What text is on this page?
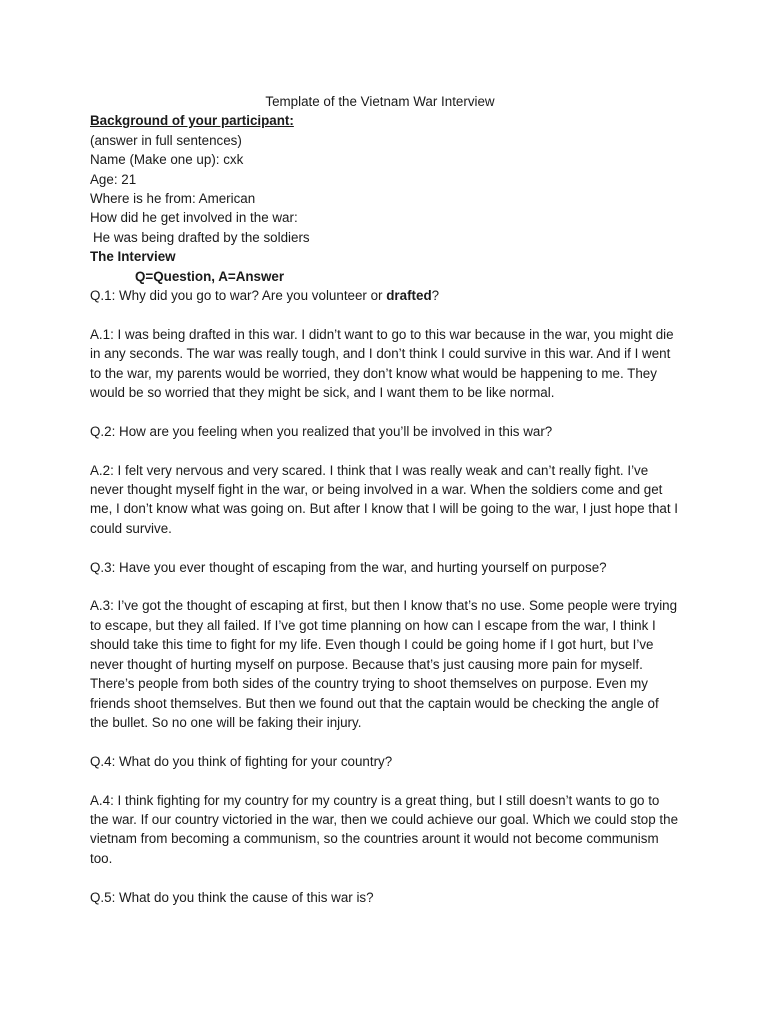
Template of the Vietnam War Interview

Background of your participant:

(answer in full sentences)

Name (Make one up): cxk

Age: 21

Where is he from: American

How did he get involved in the war:

He was being drafted by the soldiers

The Interview

Q=Question, A=Answer

Q.1: Why did you go to war? Are you volunteer or drafted?

A.1: I was being drafted in this war. I didn’t want to go to this war because in the war, you might die in any seconds. The war was really tough, and I don’t think I could survive in this war. And if I went to the war, my parents would be worried, they don’t know what would be happening to me. They would be so worried that they might be sick, and I want them to be like normal.

Q.2: How are you feeling when you realized that you’ll be involved in this war?

A.2: I felt very nervous and very scared. I think that I was really weak and can’t really fight. I’ve never thought myself fight in the war, or being involved in a war. When the soldiers come and get me, I don’t know what was going on. But after I know that I will be going to the war, I just hope that I could survive.

Q.3: Have you ever thought of escaping from the war, and hurting yourself on purpose?

A.3: I’ve got the thought of escaping at first, but then I know that’s no use. Some people were trying to escape, but they all failed. If I’ve got time planning on how can I escape from the war, I think I should take this time to fight for my life. Even though I could be going home if I got hurt, but I’ve never thought of hurting myself on purpose. Because that’s just causing more pain for myself. There’s people from both sides of the country trying to shoot themselves on purpose. Even my friends shoot themselves. But then we found out that the captain would be checking the angle of the bullet. So no one will be faking their injury.

Q.4: What do you think of fighting for your country?

A.4: I think fighting for my country for my country is a great thing, but I still doesn’t wants to go to the war. If our country victoried in the war, then we could achieve our goal. Which we could stop the vietnam from becoming a communism, so the countries arount it would not become communism too.

Q.5: What do you think the cause of this war is?
